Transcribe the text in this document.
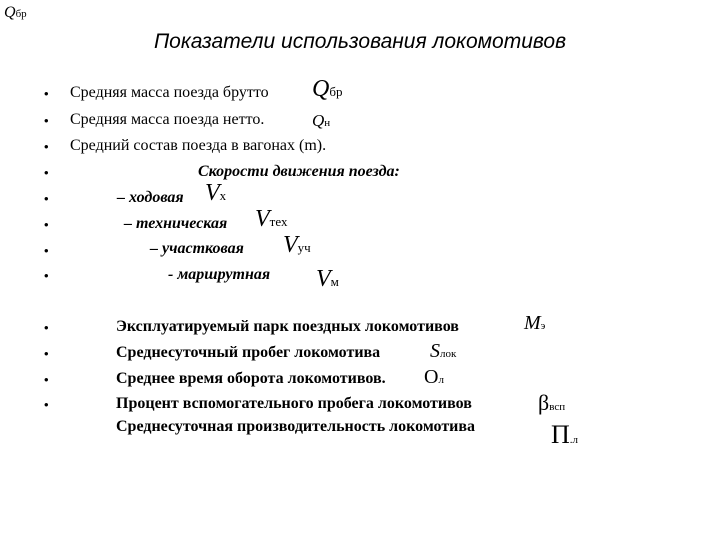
Qбр
Показатели использования локомотивов
•
•
•
•
•
•
•
•
Средняя масса поезда брутто Qбр
Средняя масса поезда нетто.	Qн
Средний состав поезда в вагонах (m).
Скорости движения поезда:
– ходовая Vх
– техническая Vтех
– участковая Vуч
- маршрутная Vм
•
•
•
•
Эксплуатируемый парк поездных локомотивов	Mэ
Среднесуточный пробег локомотива Sлок
Среднее время оборота локомотивов. Oл
Процент вспомогательного пробега локомотивов	βвсп
Среднесуточная производительность локомотива	П.л
